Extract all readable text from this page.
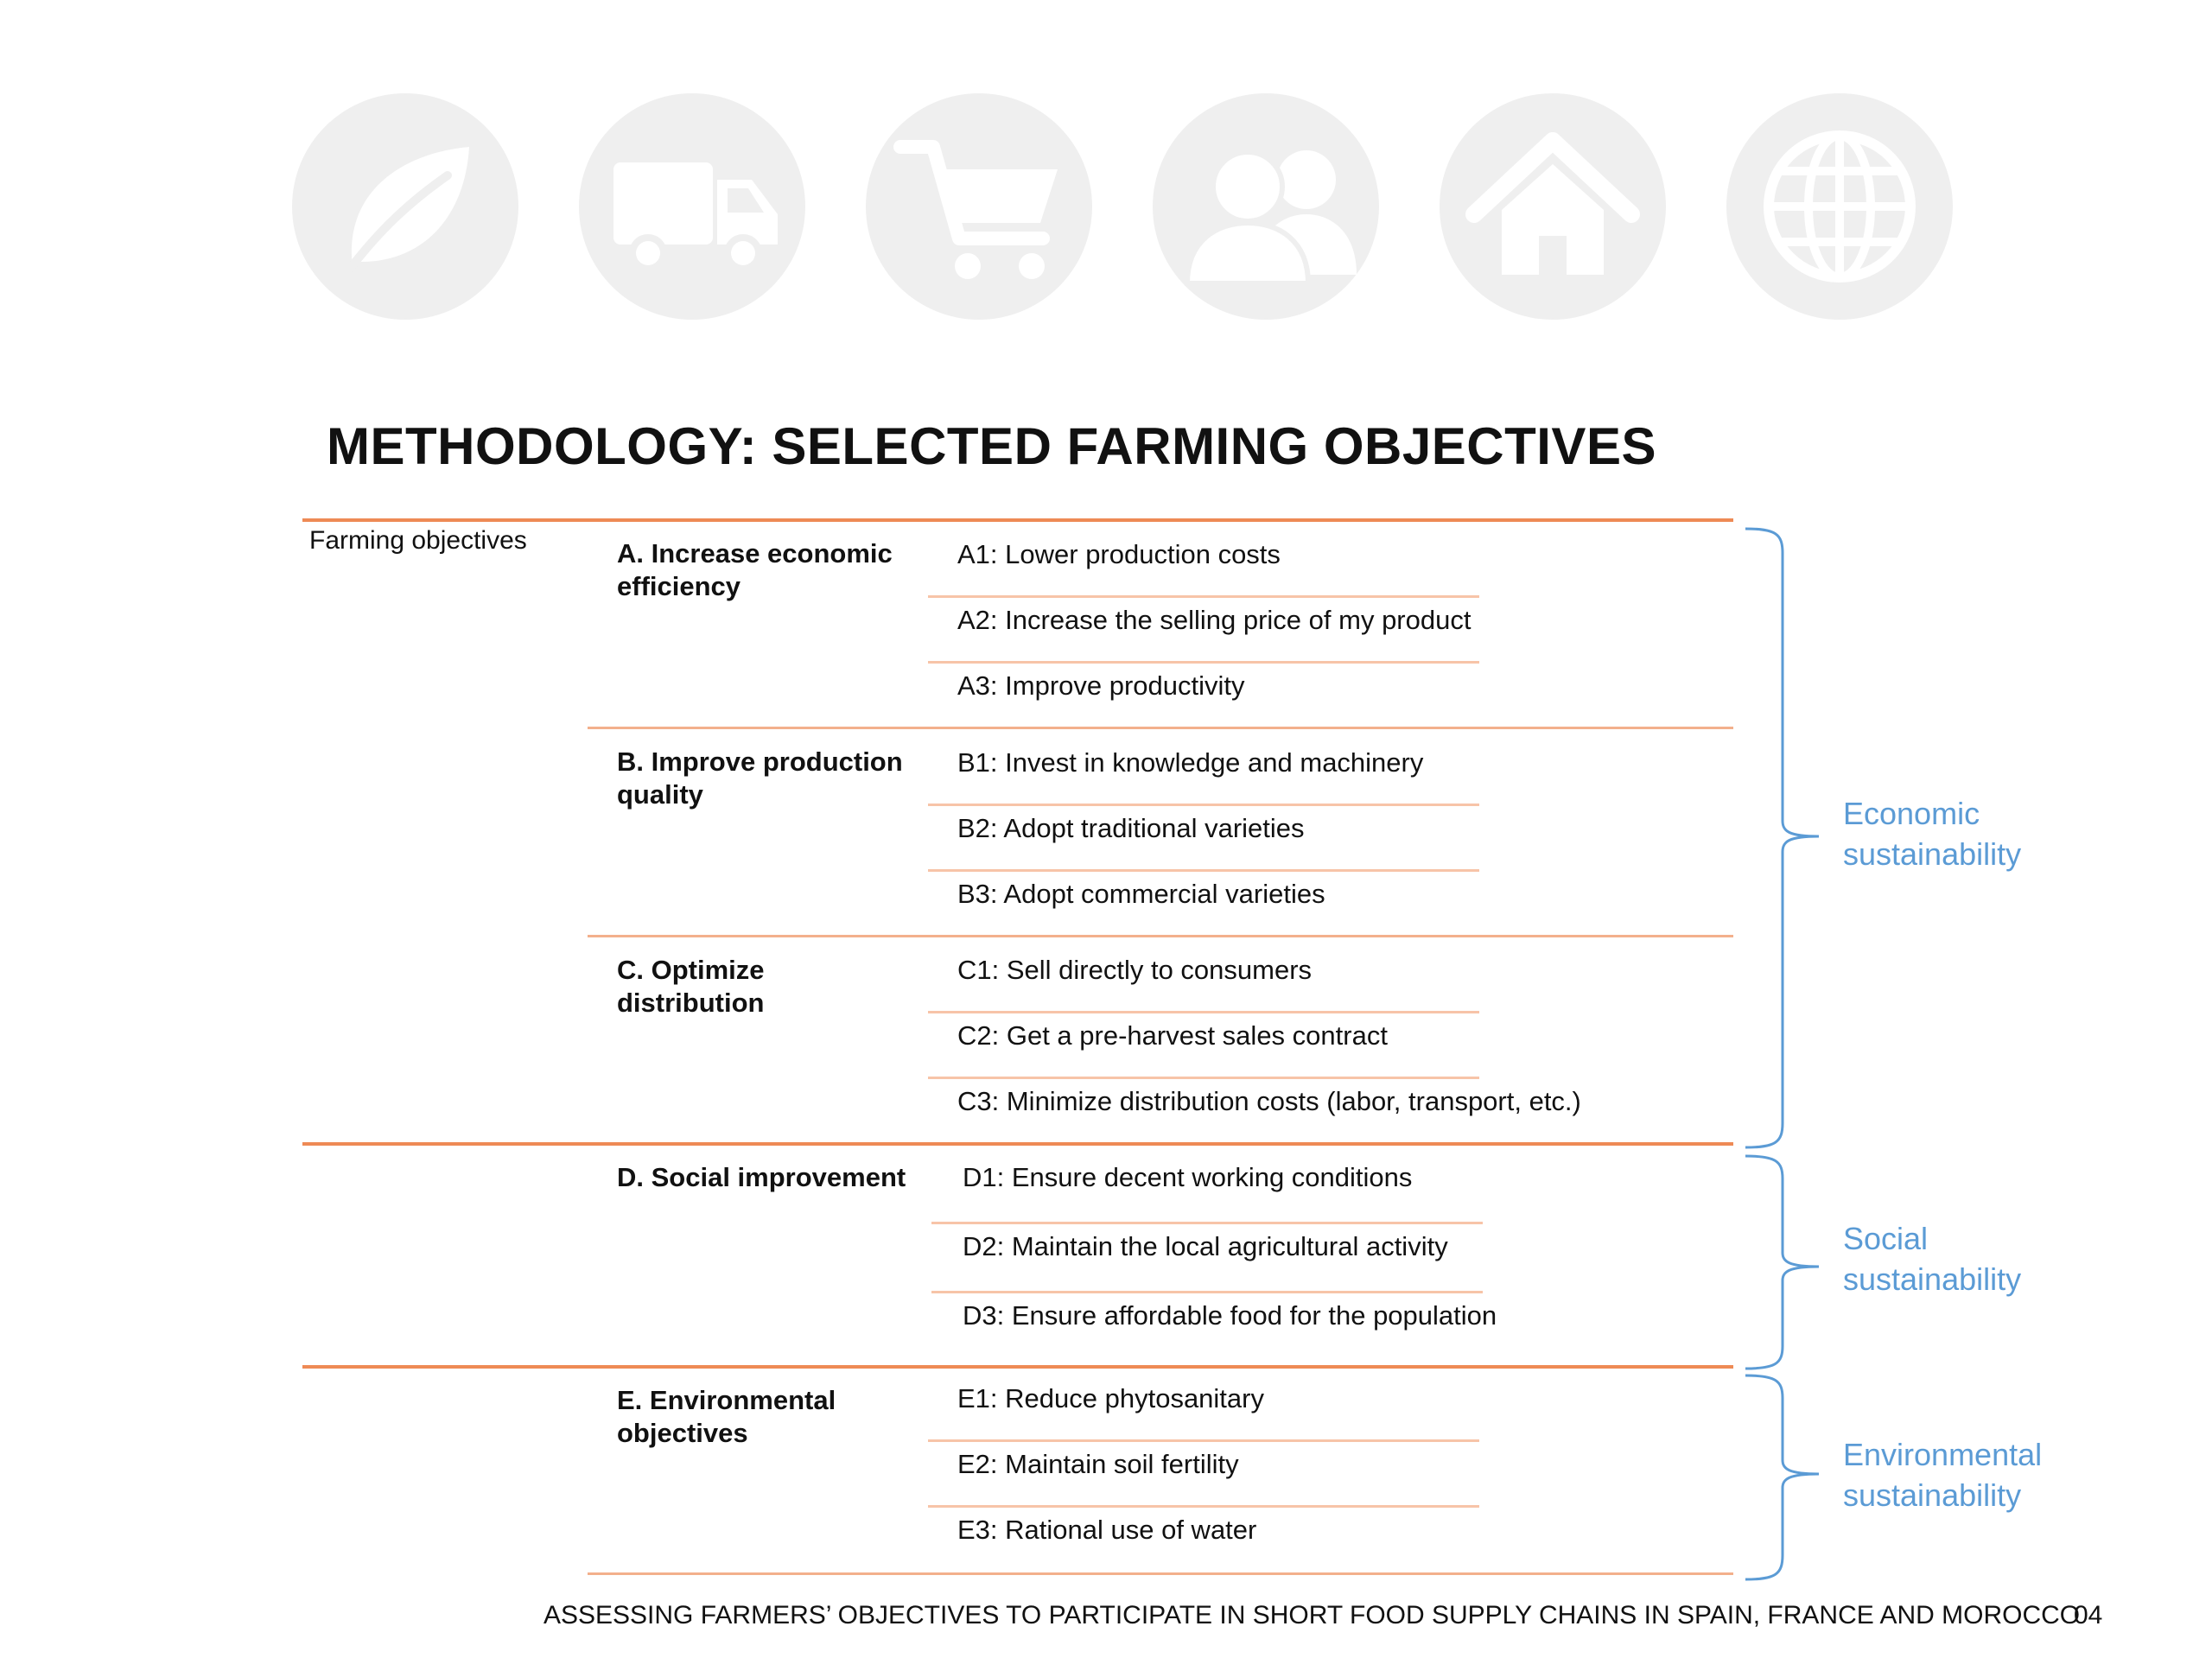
METHODOLOGY: SELECTED FARMING OBJECTIVES
Farming objectives	A. Increase economic efficiency
B. Improve production quality
C. Optimize distribution
D. Social improvement
E. Environmental objectives
A1: Lower production costs
A2: Increase the selling price of my product
A3: Improve productivity
B1: Invest in knowledge and machinery
B2: Adopt traditional varieties
B3: Adopt commercial varieties
C1: Sell directly to consumers
C2: Get a pre-harvest sales contract
C3: Minimize distribution costs (labor, transport, etc.)
D1: Ensure decent working conditions
D2: Maintain the local agricultural activity
D3: Ensure affordable food for the population
E1: Reduce phytosanitary
E2: Maintain soil fertility
E3: Rational use of water
Economic
sustainability
Social
sustainability
Environmental
sustainability
ASSESSING FARMERS’ OBJECTIVES TO PARTICIPATE IN SHORT FOOD SUPPLY CHAINS IN SPAIN, FRANCE AND MOROCCO
04
